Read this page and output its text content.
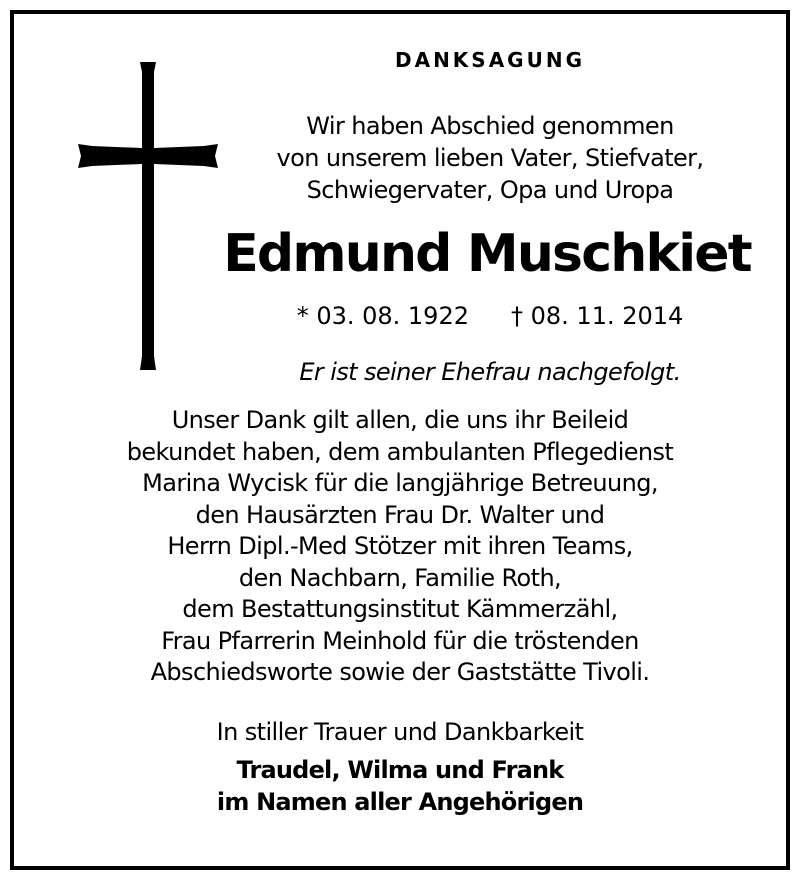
DANKSAGUNG
Wir haben Abschied genommen
von unserem lieben Vater, Stiefvater,
Schwiegervater, Opa und Uropa
Edmund Muschkiet
* 03. 08. 1922 † 08. 11. 2014
Er ist seiner Ehefrau nachgefolgt.
Unser Dank gilt allen, die uns ihr Beileid
bekundet haben, dem ambulanten Pflegedienst
Marina Wycisk für die langjährige Betreuung,
den Hausärzten Frau Dr. Walter und
Herrn Dipl.-Med Stötzer mit ihren Teams,
den Nachbarn, Familie Roth,
dem Bestattungsinstitut Kämmerzähl,
Frau Pfarrerin Meinhold für die tröstenden
Abschiedsworte sowie der Gaststätte Tivoli.
In stiller Trauer und Dankbarkeit
Traudel, Wilma und Frank
im Namen aller Angehörigen
